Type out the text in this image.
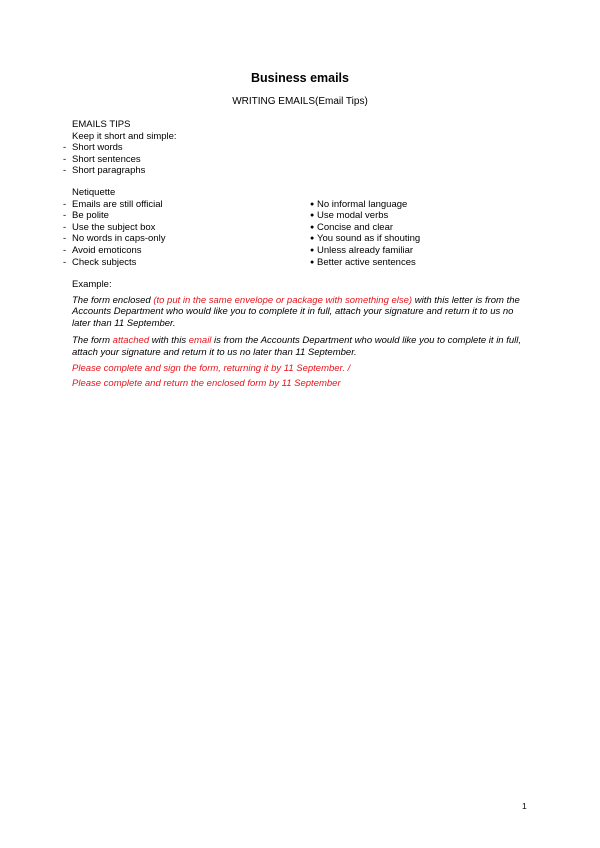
Business emails
WRITING EMAILS(Email Tips)
EMAILS TIPS
Keep it short and simple:
- Short words
- Short sentences
- Short paragraphs
Netiquette
- Emails are still official
- Be polite
- Use the subject box
- No words in caps-only
- Avoid emoticons
- Check subjects
● No informal language
● Use modal verbs
● Concise and clear
● You sound as if shouting
● Unless already familiar
● Better active sentences
Example:

The form enclosed (to put in the same envelope or package with something else) with this letter is from the Accounts Department who would like you to complete it in full, attach your signature and return it to us no later than 11 September.

The form attached with this email is from the Accounts Department who would like you to complete it in full, attach your signature and return it to us no later than 11 September.

Please complete and sign the form, returning it by 11 September. /

Please complete and return the enclosed form by 11 September

1
